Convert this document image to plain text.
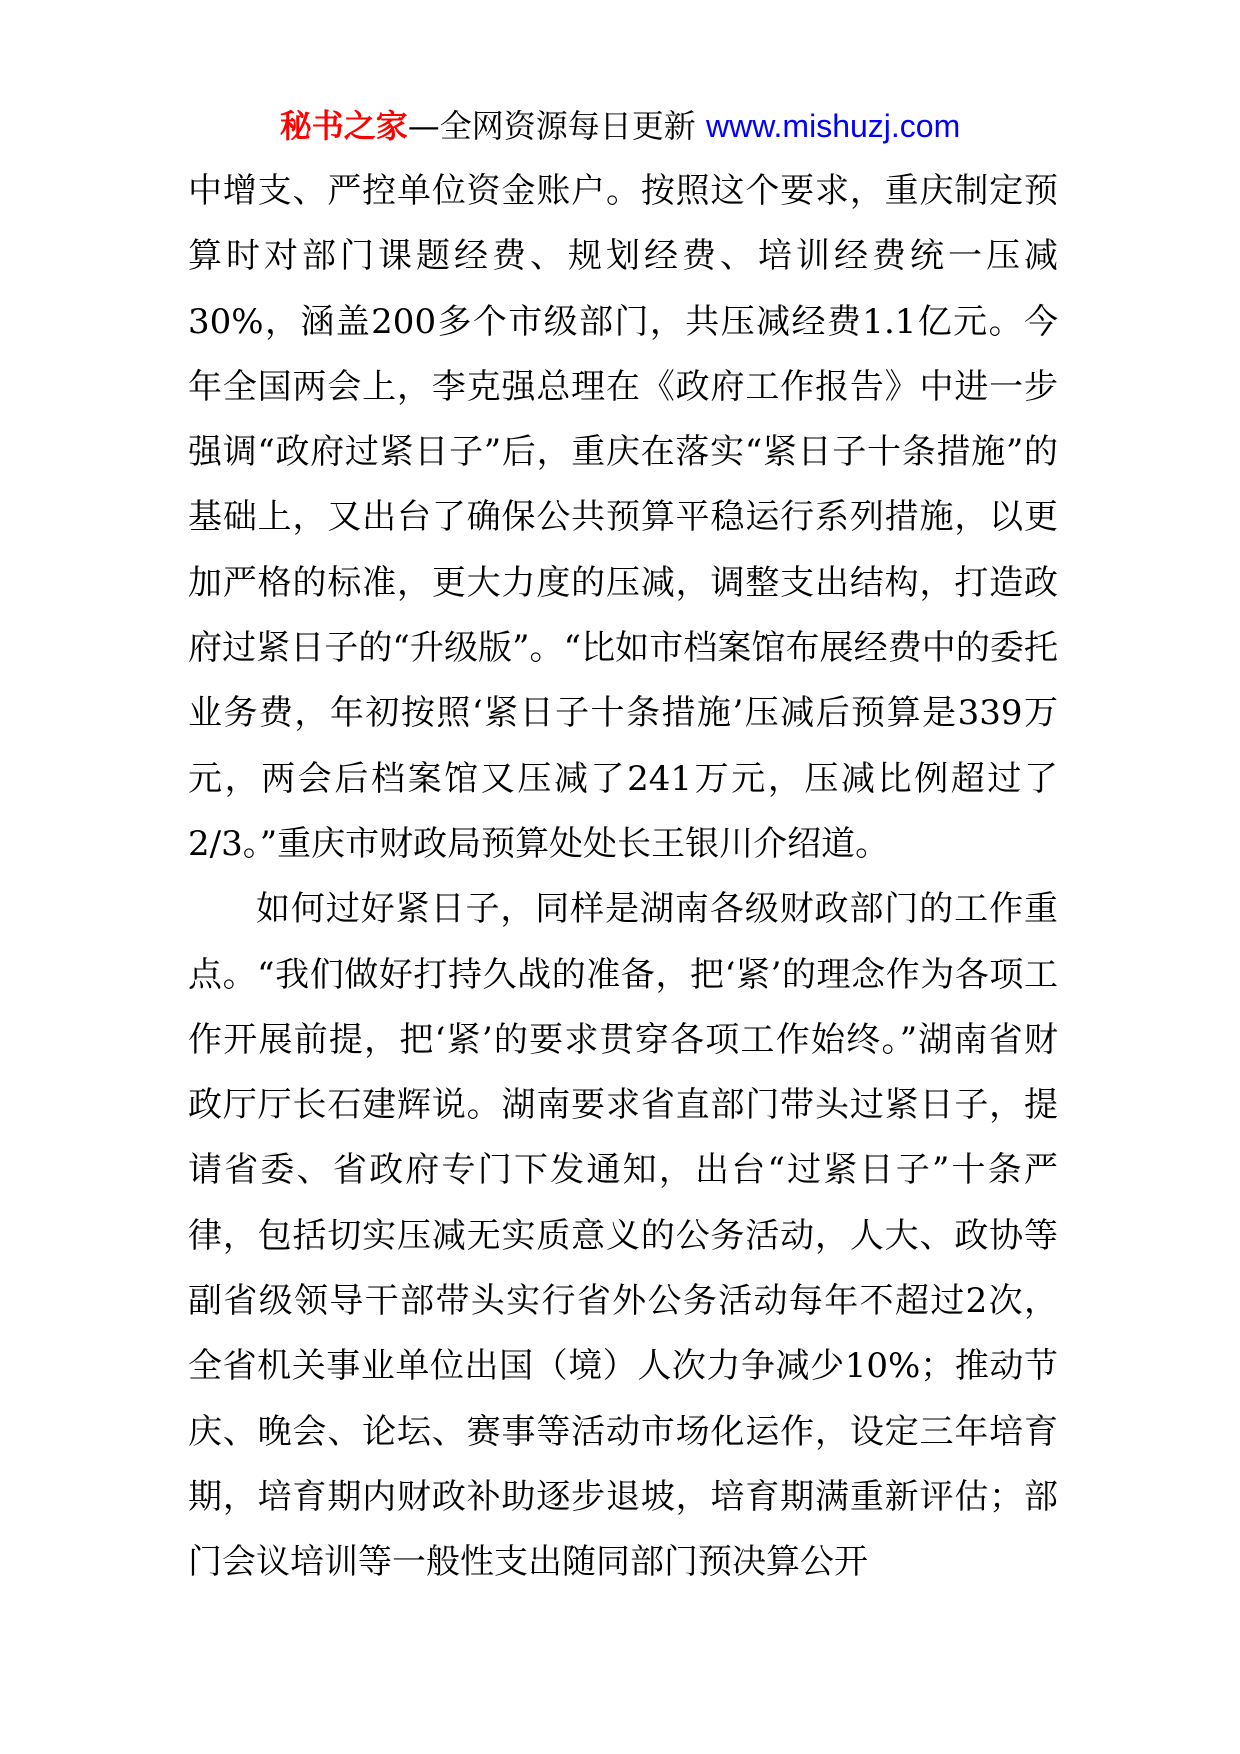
秘书之家—全网资源每日更新 www.mishuzj.com

中增支、严控单位资金账户。按照这个要求，重庆制定预算时对部门课题经费、规划经费、培训经费统一压减30%，涵盖200多个市级部门，共压减经费1.1亿元。今年全国两会上，李克强总理在《政府工作报告》中进一步强调“政府过紧日子”后，重庆在落实“紧日子十条措施”的基础上，又出台了确保公共预算平稳运行系列措施，以更加严格的标准，更大力度的压减，调整支出结构，打造政府过紧日子的“升级版”。“比如市档案馆布展经费中的委托业务费，年初按照‘紧日子十条措施’压减后预算是339万元，两会后档案馆又压减了241万元，压减比例超过了2/3。”重庆市财政局预算处处长王银川介绍道。

如何过好紧日子，同样是湖南各级财政部门的工作重点。“我们做好打持久战的准备，把‘紧’的理念作为各项工作开展前提，把‘紧’的要求贯穿各项工作始终。”湖南省财政厅厅长石建辉说。湖南要求省直部门带头过紧日子，提请省委、省政府专门下发通知，出台“过紧日子”十条严律，包括切实压减无实质意义的公务活动，人大、政协等副省级领导干部带头实行省外公务活动每年不超过2次，全省机关事业单位出国（境）人次力争减少10%；推动节庆、晚会、论坛、赛事等活动市场化运作，设定三年培育期，培育期内财政补助逐步退坡，培育期满重新评估；部门会议培训等一般性支出随同部门预决算公开
